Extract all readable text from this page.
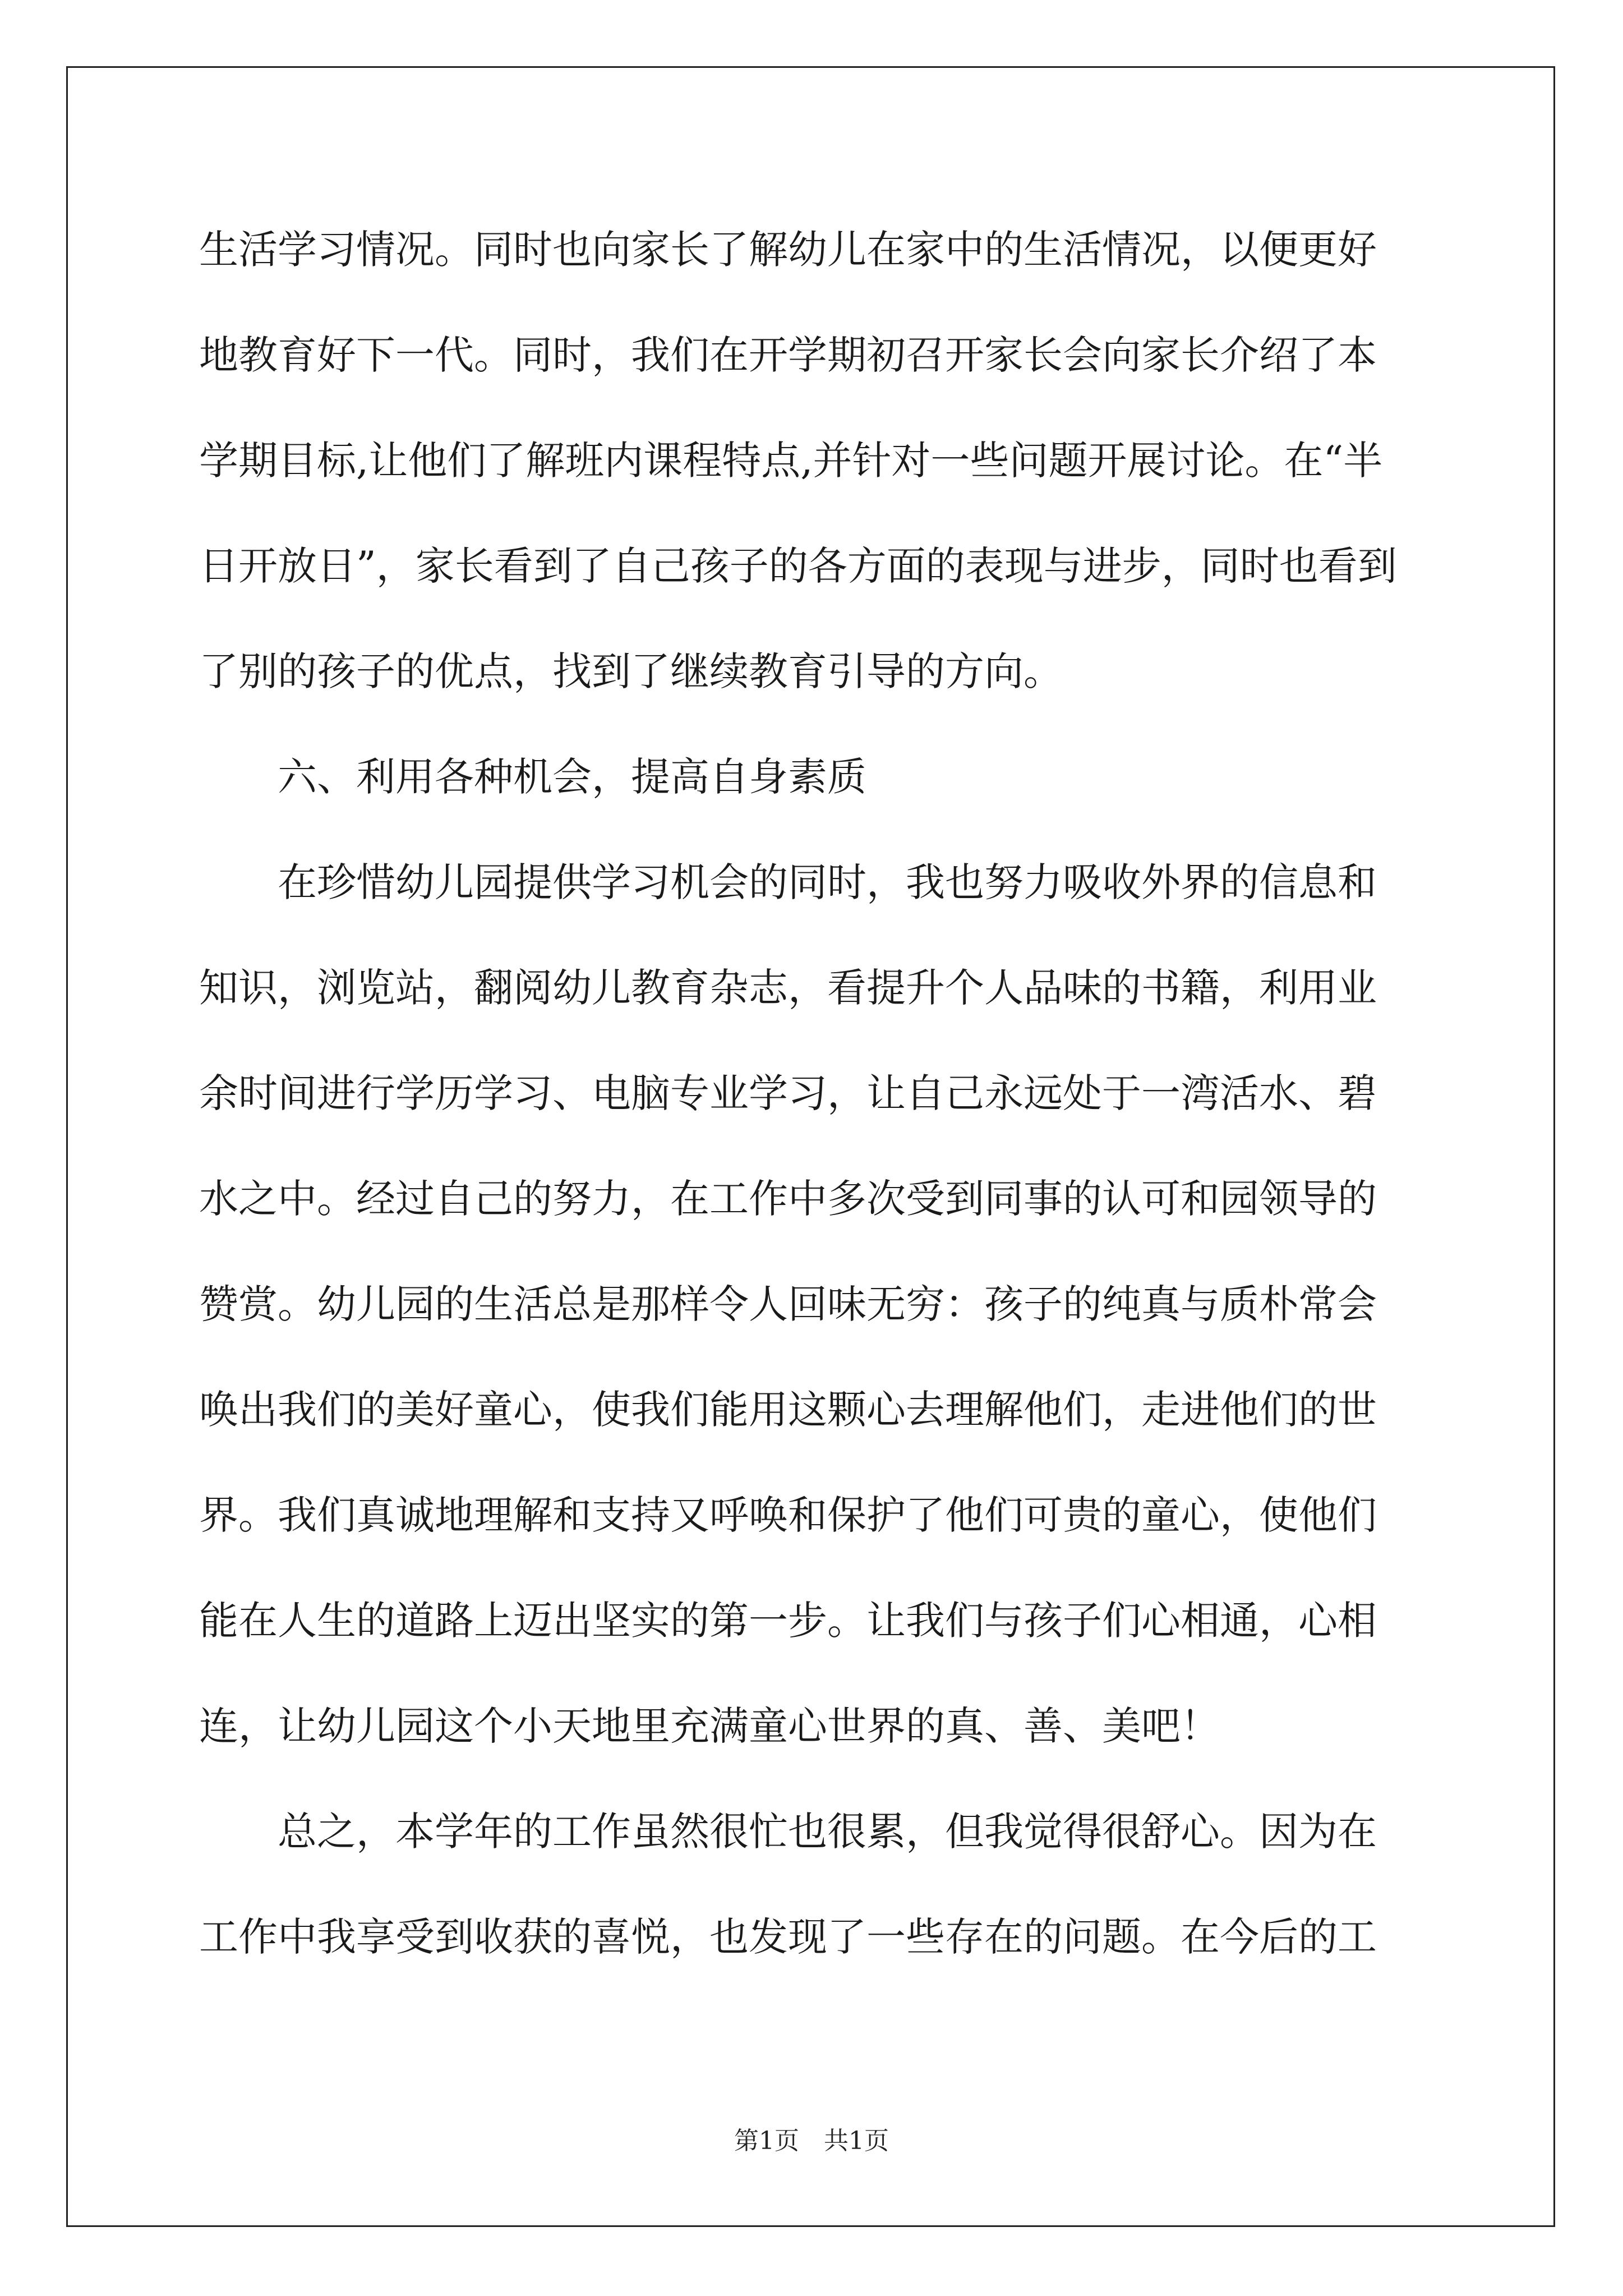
生活学习情况。同时也向家长了解幼儿在家中的生活情况，以便更好
地教育好下一代。同时，我们在开学期初召开家长会向家长介绍了本
学期目标,让他们了解班内课程特点,并针对一些问题开展讨论。在“半
日开放日”，家长看到了自己孩子的各方面的表现与进步，同时也看到
了别的孩子的优点，找到了继续教育引导的方向。
　　六、利用各种机会，提高自身素质
　　在珍惜幼儿园提供学习机会的同时，我也努力吸收外界的信息和
知识，浏览站，翻阅幼儿教育杂志，看提升个人品味的书籍，利用业
余时间进行学历学习、电脑专业学习，让自己永远处于一湾活水、碧
水之中。经过自己的努力，在工作中多次受到同事的认可和园领导的
赞赏。幼儿园的生活总是那样令人回味无穷：孩子的纯真与质朴常会
唤出我们的美好童心，使我们能用这颗心去理解他们，走进他们的世
界。我们真诚地理解和支持又呼唤和保护了他们可贵的童心，使他们
能在人生的道路上迈出坚实的第一步。让我们与孩子们心相通，心相
连，让幼儿园这个小天地里充满童心世界的真、善、美吧！
　　总之，本学年的工作虽然很忙也很累，但我觉得很舒心。因为在
工作中我享受到收获的喜悦，也发现了一些存在的问题。在今后的工
第1页　共1页
